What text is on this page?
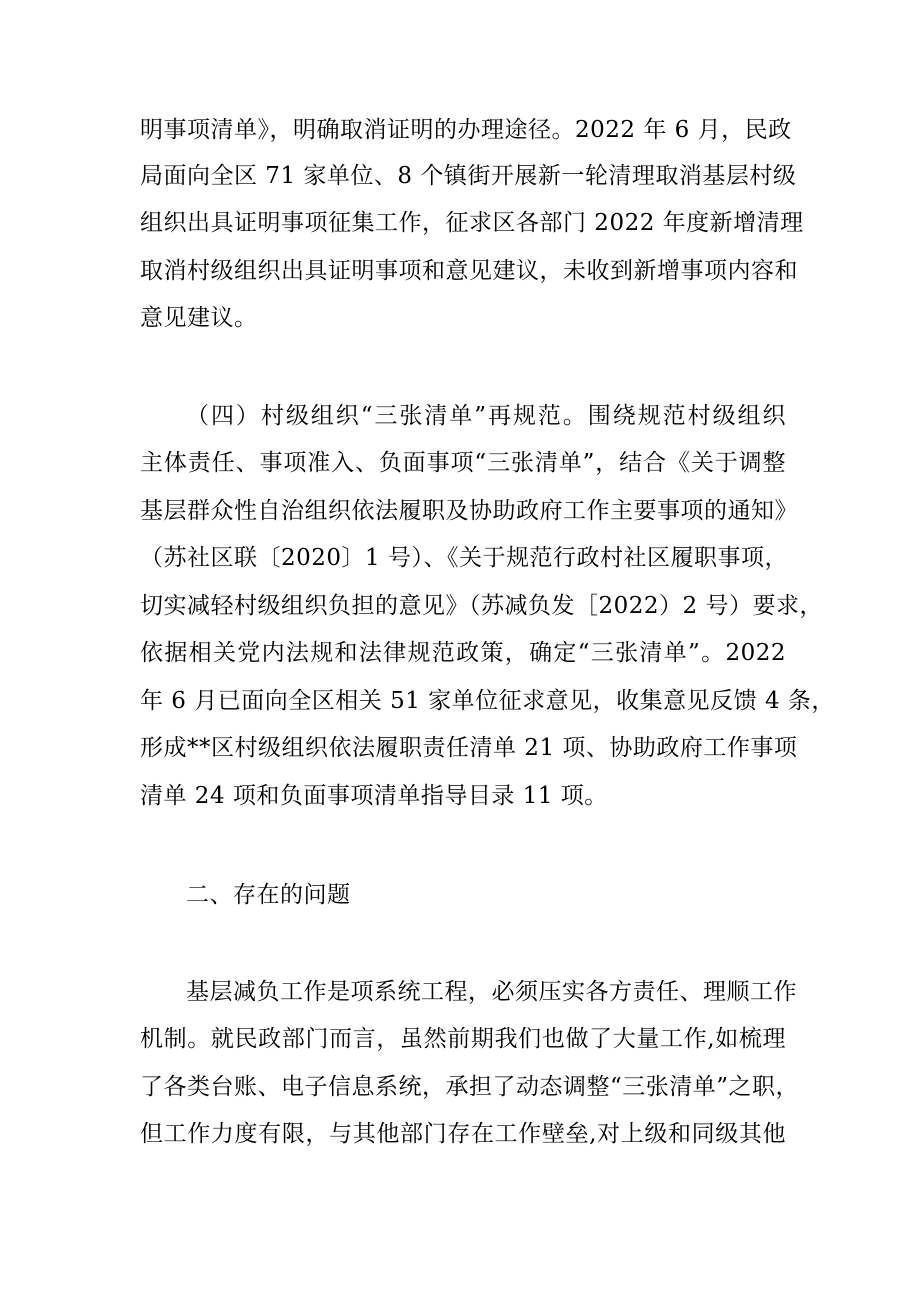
明事项清单》，明确取消证明的办理途径。2022 年 6 月，民政

局面向全区 71 家单位、8 个镇街开展新一轮清理取消基层村级

组织出具证明事项征集工作，征求区各部门 2022 年度新增清理

取消村级组织出具证明事项和意见建议，未收到新增事项内容和

意见建议。

（四）村级组织“三张清单”再规范。围绕规范村级组织

主体责任、事项准入、负面事项“三张清单”，结合《关于调整

基层群众性自治组织依法履职及协助政府工作主要事项的通知》

（苏社区联〔2020〕1 号）、《关于规范行政村社区履职事项，

切实减轻村级组织负担的意见》（苏减负发［2022）2 号）要求，

依据相关党内法规和法律规范政策，确定“三张清单”。2022

年 6 月已面向全区相关 51 家单位征求意见，收集意见反馈 4 条，

形成**区村级组织依法履职责任清单 21 项、协助政府工作事项

清单 24 项和负面事项清单指导目录 11 项。

二、存在的问题

基层减负工作是项系统工程，必须压实各方责任、理顺工作

机制。就民政部门而言，虽然前期我们也做了大量工作,如梳理

了各类台账、电子信息系统，承担了动态调整“三张清单”之职，

但工作力度有限，与其他部门存在工作壁垒,对上级和同级其他
